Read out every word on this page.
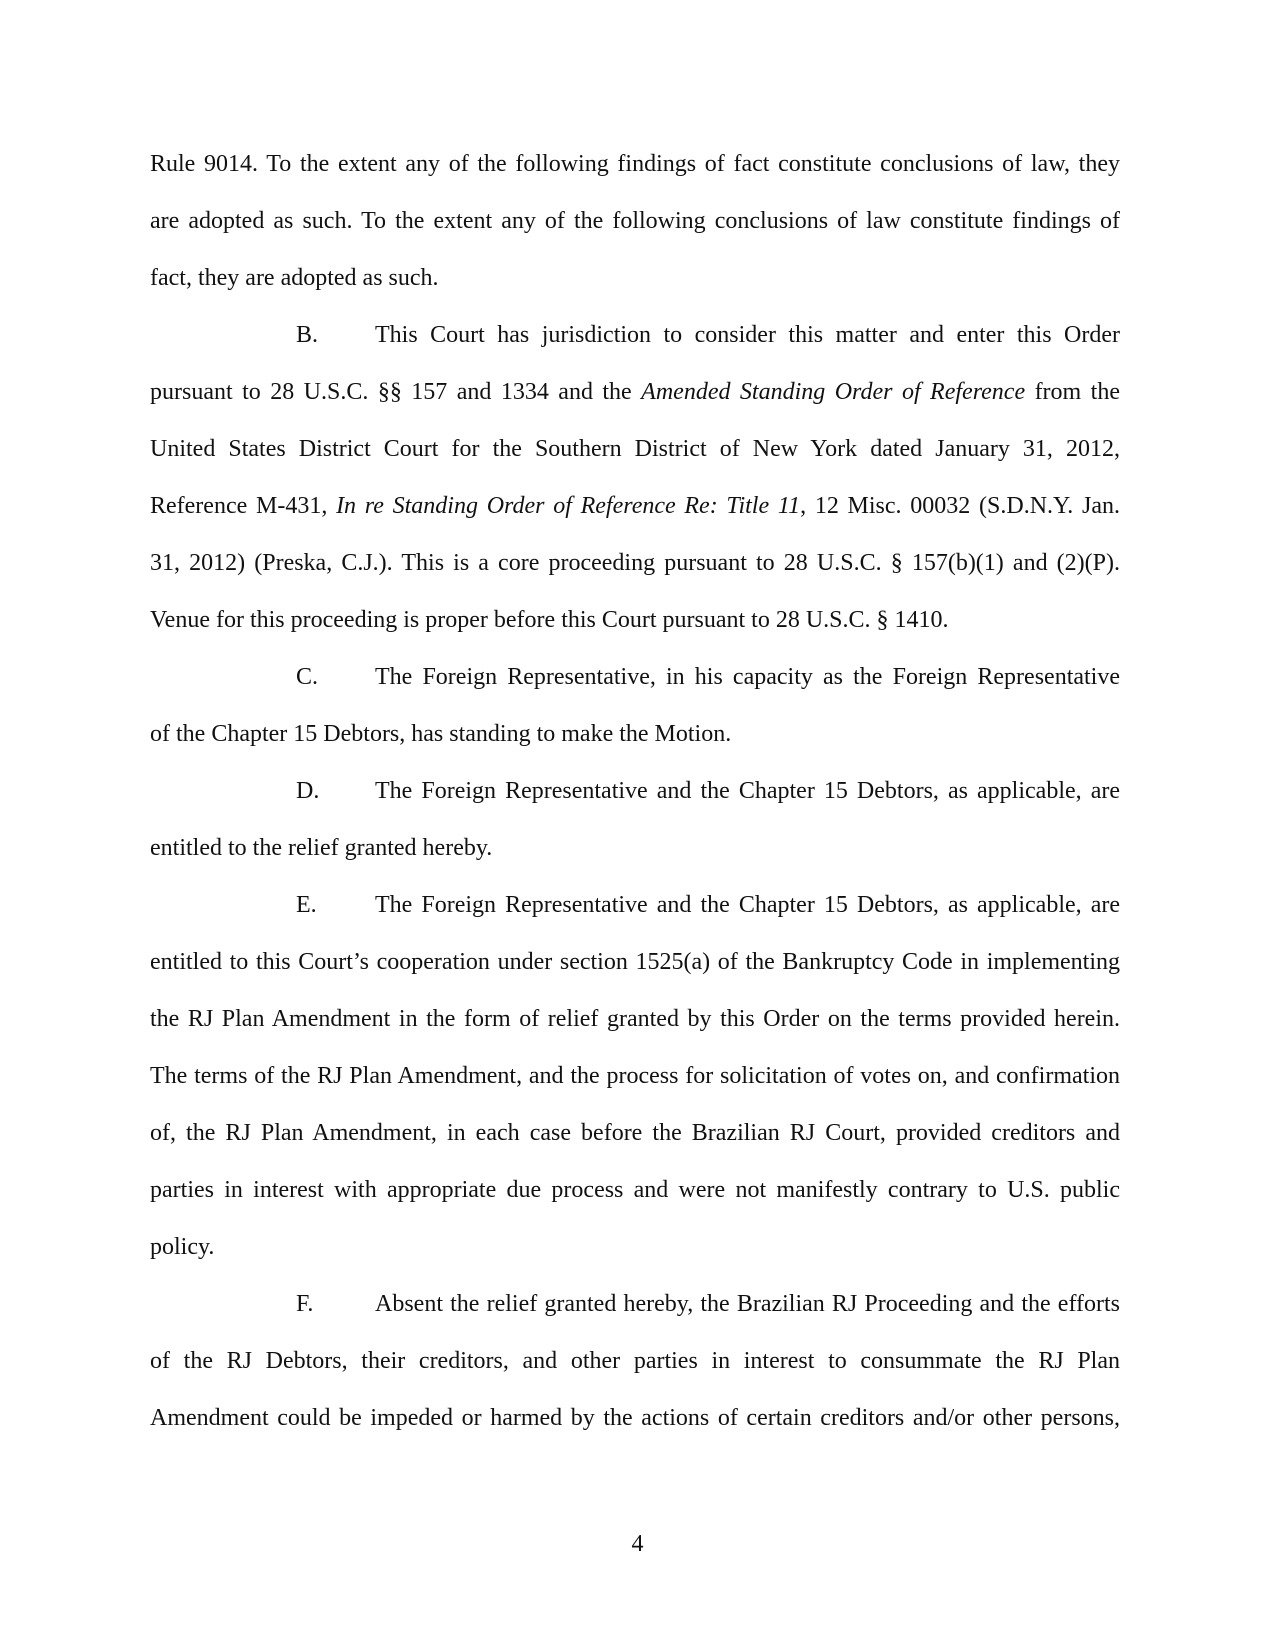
Rule 9014. To the extent any of the following findings of fact constitute conclusions of law, they
are adopted as such. To the extent any of the following conclusions of law constitute findings of
fact, they are adopted as such.
B. This Court has jurisdiction to consider this matter and enter this Order
pursuant to 28 U.S.C. §§ 157 and 1334 and the Amended Standing Order of Reference from the
United States District Court for the Southern District of New York dated January 31, 2012,
Reference M-431, In re Standing Order of Reference Re: Title 11, 12 Misc. 00032 (S.D.N.Y. Jan.
31, 2012) (Preska, C.J.). This is a core proceeding pursuant to 28 U.S.C. § 157(b)(1) and (2)(P).
Venue for this proceeding is proper before this Court pursuant to 28 U.S.C. § 1410.
C. The Foreign Representative, in his capacity as the Foreign Representative
of the Chapter 15 Debtors, has standing to make the Motion.
D. The Foreign Representative and the Chapter 15 Debtors, as applicable, are
entitled to the relief granted hereby.
E. The Foreign Representative and the Chapter 15 Debtors, as applicable, are
entitled to this Court’s cooperation under section 1525(a) of the Bankruptcy Code in implementing
the RJ Plan Amendment in the form of relief granted by this Order on the terms provided herein.
The terms of the RJ Plan Amendment, and the process for solicitation of votes on, and confirmation
of, the RJ Plan Amendment, in each case before the Brazilian RJ Court, provided creditors and
parties in interest with appropriate due process and were not manifestly contrary to U.S. public
policy.
F.	Absent the relief granted hereby, the Brazilian RJ Proceeding and the efforts
of the RJ Debtors, their creditors, and other parties in interest to consummate the RJ Plan
Amendment could be impeded or harmed by the actions of certain creditors and/or other persons,
4
